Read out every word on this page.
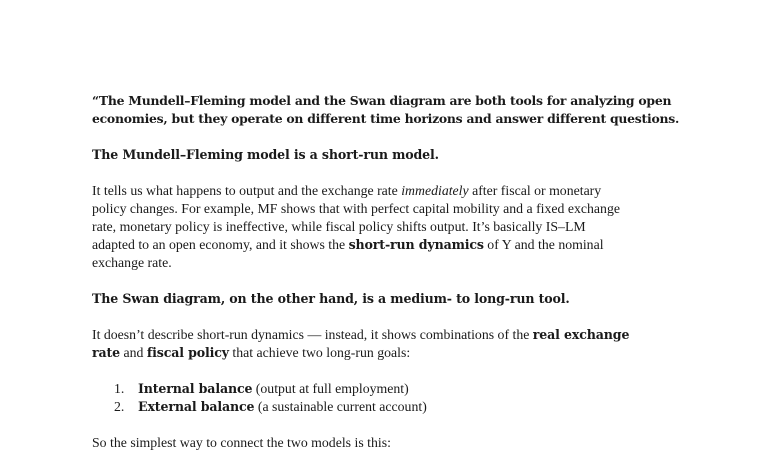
“The Mundell–Fleming model and the Swan diagram are both tools for analyzing open
economies, but they operate on different time horizons and answer different questions.

The Mundell–Fleming model is a short-run model.

It tells us what happens to output and the exchange rate immediately after fiscal or monetary
policy changes. For example, MF shows that with perfect capital mobility and a fixed exchange
rate, monetary policy is ineffective, while fiscal policy shifts output. It’s basically IS–LM
adapted to an open economy, and it shows the short-run dynamics of Y and the nominal
exchange rate.

The Swan diagram, on the other hand, is a medium- to long-run tool.

It doesn’t describe short-run dynamics — instead, it shows combinations of the real exchange
rate and fiscal policy that achieve two long-run goals:

1. Internal balance (output at full employment)
2. External balance (a sustainable current account)

So the simplest way to connect the two models is this:
